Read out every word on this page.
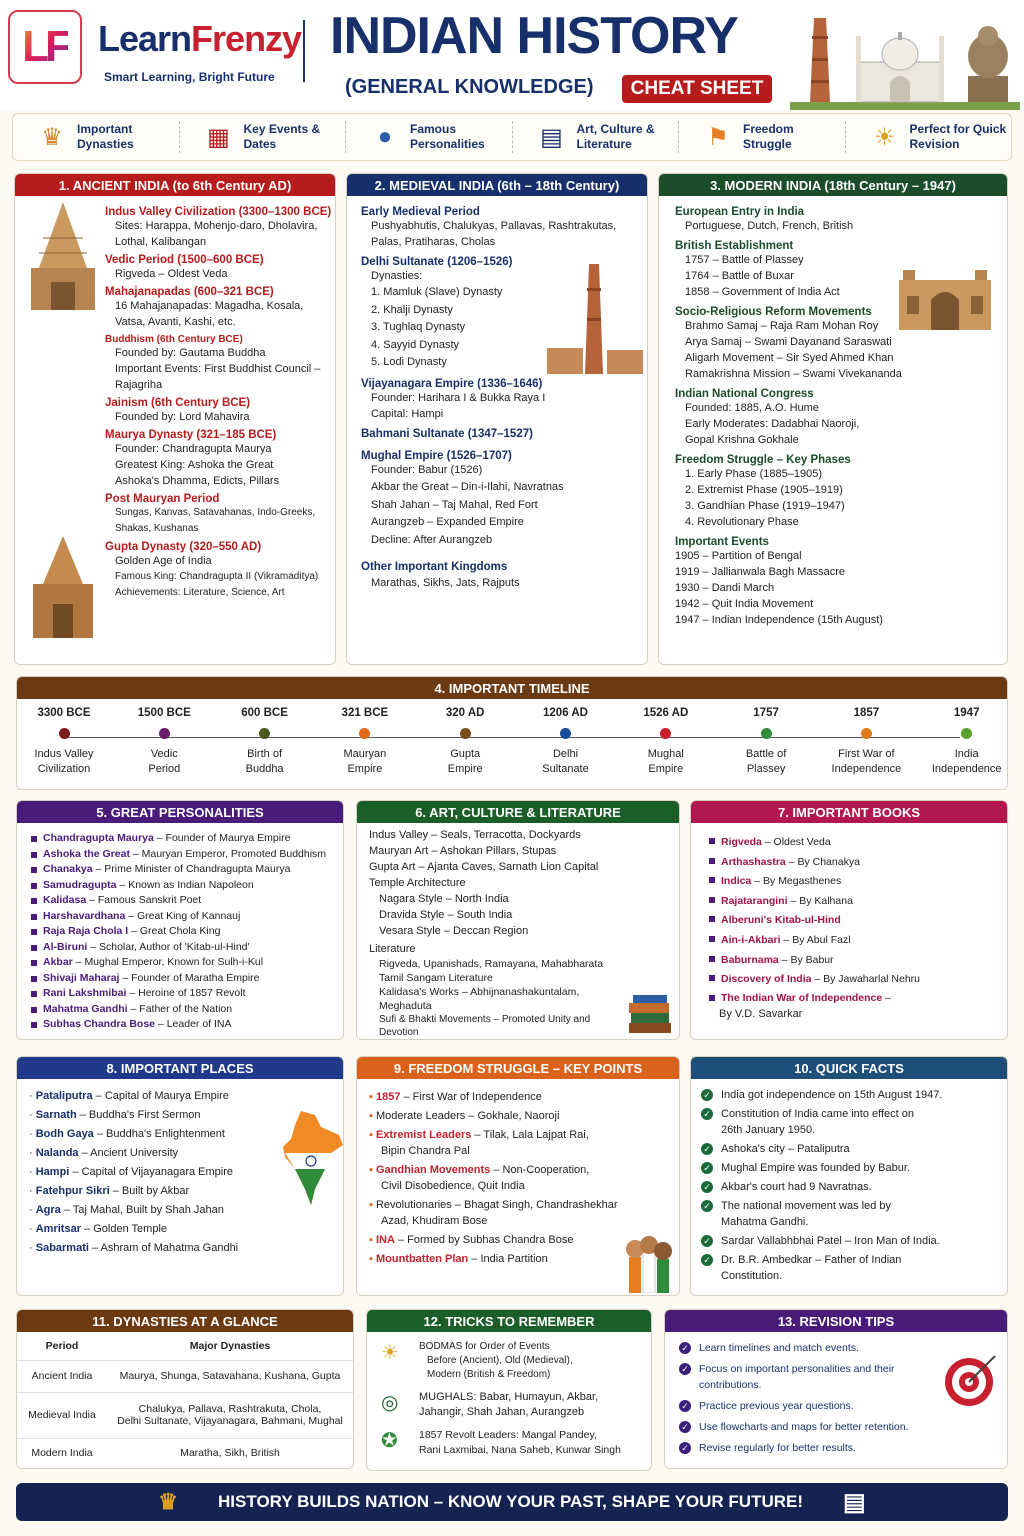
LF LearnFrenzy
Smart Learning, Bright Future
INDIAN HISTORY
(GENERAL KNOWLEDGE)	CHEAT SHEET
♛	Important Dynasties	▦	Key Events & Dates	●	Famous Personalities	▤	Art, Culture & Literature	⚑	Freedom Struggle	☀	Perfect for Quick Revision
1. ANCIENT INDIA (to 6th Century AD)
Indus Valley Civilization (3300–1300 BCE)
Sites: Harappa, Mohenjo-daro, Dholavira,
Lothal, Kalibangan
Vedic Period (1500–600 BCE)
Rigveda – Oldest Veda
Mahajanapadas (600–321 BCE)
16 Mahajanapadas: Magadha, Kosala,
Vatsa, Avanti, Kashi, etc.
Buddhism (6th Century BCE)
Founded by: Gautama Buddha
Important Events: First Buddhist Council –
Rajagriha
Jainism (6th Century BCE)
Founded by: Lord Mahavira
Maurya Dynasty (321–185 BCE)
Founder: Chandragupta Maurya
Greatest King: Ashoka the Great
Ashoka's Dhamma, Edicts, Pillars
Post Mauryan Period
Sungas, Kanvas, Satavahanas, Indo-Greeks,
Shakas, Kushanas
Gupta Dynasty (320–550 AD)
Golden Age of India
Famous King: Chandragupta II (Vikramaditya)
Achievements: Literature, Science, Art
2. MEDIEVAL INDIA (6th – 18th Century)
Early Medieval Period
Pushyabhutis, Chalukyas, Pallavas, Rashtrakutas,
Palas, Pratiharas, Cholas
Delhi Sultanate (1206–1526)
Dynasties:
1. Mamluk (Slave) Dynasty
2. Khalji Dynasty
3. Tughlaq Dynasty
4. Sayyid Dynasty
5. Lodi Dynasty
Vijayanagara Empire (1336–1646)
Founder: Harihara I & Bukka Raya I
Capital: Hampi
Bahmani Sultanate (1347–1527)
Mughal Empire (1526–1707)
Founder: Babur (1526)
Akbar the Great – Din-i-Ilahi, Navratnas
Shah Jahan – Taj Mahal, Red Fort
Aurangzeb – Expanded Empire
Decline: After Aurangzeb
Other Important Kingdoms
Marathas, Sikhs, Jats, Rajputs
3. MODERN INDIA (18th Century – 1947)
European Entry in India
Portuguese, Dutch, French, British
British Establishment
1757 – Battle of Plassey
1764 – Battle of Buxar
1858 – Government of India Act
Socio-Religious Reform Movements
Brahmo Samaj – Raja Ram Mohan Roy
Arya Samaj – Swami Dayanand Saraswati
Aligarh Movement – Sir Syed Ahmed Khan
Ramakrishna Mission – Swami Vivekananda
Indian National Congress
Founded: 1885, A.O. Hume
Early Moderates: Dadabhai Naoroji,
Gopal Krishna Gokhale
Freedom Struggle – Key Phases
1. Early Phase (1885–1905)
2. Extremist Phase (1905–1919)
3. Gandhian Phase (1919–1947)
4. Revolutionary Phase
Important Events
1905 – Partition of Bengal
1919 – Jallianwala Bagh Massacre
1930 – Dandi March
1942 – Quit India Movement
1947 – Indian Independence (15th August)
4. IMPORTANT TIMELINE
3300 BCE
Indus Valley
Civilization
1500 BCE
Vedic
Period
600 BCE
Birth of
Buddha
321 BCE
Mauryan
Empire
320 AD
Gupta
Empire
1206 AD
Delhi
Sultanate
1526 AD
Mughal
Empire
1757
Battle of
Plassey
1857
First War of
Independence
1947
India
Independence
5. GREAT PERSONALITIES
Chandragupta Maurya – Founder of Maurya Empire
Ashoka the Great – Mauryan Emperor, Promoted Buddhism
Chanakya – Prime Minister of Chandragupta Maurya
Samudragupta – Known as Indian Napoleon
Kalidasa – Famous Sanskrit Poet
Harshavardhana – Great King of Kannauj
Raja Raja Chola I – Great Chola King
Al-Biruni – Scholar, Author of 'Kitab-ul-Hind'
Akbar – Mughal Emperor, Known for Sulh-i-Kul
Shivaji Maharaj – Founder of Maratha Empire
Rani Lakshmibai – Heroine of 1857 Revolt
Mahatma Gandhi – Father of the Nation
Subhas Chandra Bose – Leader of INA
6. ART, CULTURE & LITERATURE
Indus Valley – Seals, Terracotta, Dockyards
Mauryan Art – Ashokan Pillars, Stupas
Gupta Art – Ajanta Caves, Sarnath Lion Capital
Temple Architecture
Nagara Style – North India
Dravida Style – South India
Vesara Style – Deccan Region
Literature
Rigveda, Upanishads, Ramayana, Mahabharata
Tamil Sangam Literature
Kalidasa's Works – Abhijnanashakuntalam, Meghaduta
Sufi & Bhakti Movements – Promoted Unity and Devotion
7. IMPORTANT BOOKS
Rigveda – Oldest Veda
Arthashastra – By Chanakya
Indica – By Megasthenes
Rajatarangini – By Kalhana
Alberuni's Kitab-ul-Hind
Ain-i-Akbari – By Abul Fazl
Baburnama – By Babur
Discovery of India – By Jawaharlal Nehru
The Indian War of Independence –
By V.D. Savarkar
8. IMPORTANT PLACES
· Pataliputra – Capital of Maurya Empire
· Sarnath – Buddha's First Sermon
· Bodh Gaya – Buddha's Enlightenment
· Nalanda – Ancient University
· Hampi – Capital of Vijayanagara Empire
· Fatehpur Sikri – Built by Akbar
· Agra – Taj Mahal, Built by Shah Jahan
· Amritsar – Golden Temple
· Sabarmati – Ashram of Mahatma Gandhi
9. FREEDOM STRUGGLE – KEY POINTS
▪ 1857 – First War of Independence
▪ Moderate Leaders – Gokhale, Naoroji
▪ Extremist Leaders – Tilak, Lala Lajpat Rai,
Bipin Chandra Pal
▪ Gandhian Movements – Non-Cooperation,
Civil Disobedience, Quit India
▪ Revolutionaries – Bhagat Singh, Chandrashekhar
Azad, Khudiram Bose
▪ INA – Formed by Subhas Chandra Bose
▪ Mountbatten Plan – India Partition
10. QUICK FACTS
✓ India got independence on 15th August 1947.
✓ Constitution of India came into effect on
26th January 1950.
✓ Ashoka's city – Pataliputra
✓ Mughal Empire was founded by Babur.
✓ Akbar's court had 9 Navratnas.
✓ The national movement was led by
Mahatma Gandhi.
✓ Sardar Vallabhbhai Patel – Iron Man of India.
✓ Dr. B.R. Ambedkar – Father of Indian
Constitution.
11. DYNASTIES AT A GLANCE
Period	Major Dynasties
Ancient India	Maurya, Shunga, Satavahana, Kushana, Gupta
Medieval India	Chalukya, Pallava, Rashtrakuta, Chola,
Delhi Sultanate, Vijayanagara, Bahmani, Mughal

Modern India	Maratha, Sikh, British
12. TRICKS TO REMEMBER
☀	BODMAS for Order of Events
Before (Ancient), Old (Medieval),
Modern (British & Freedom)
◎	MUGHALS: Babar, Humayun, Akbar,
Jahangir, Shah Jahan, Aurangzeb
✪	1857 Revolt Leaders: Mangal Pandey,
Rani Laxmibai, Nana Saheb, Kunwar Singh
13. REVISION TIPS
✓ Learn timelines and match events.
✓ Focus on important personalities and their
contributions.
✓ Practice previous year questions.
✓ Use flowcharts and maps for better retention.
✓ Revise regularly for better results.
♛ HISTORY BUILDS NATION – KNOW YOUR PAST, SHAPE YOUR FUTURE! ▤
